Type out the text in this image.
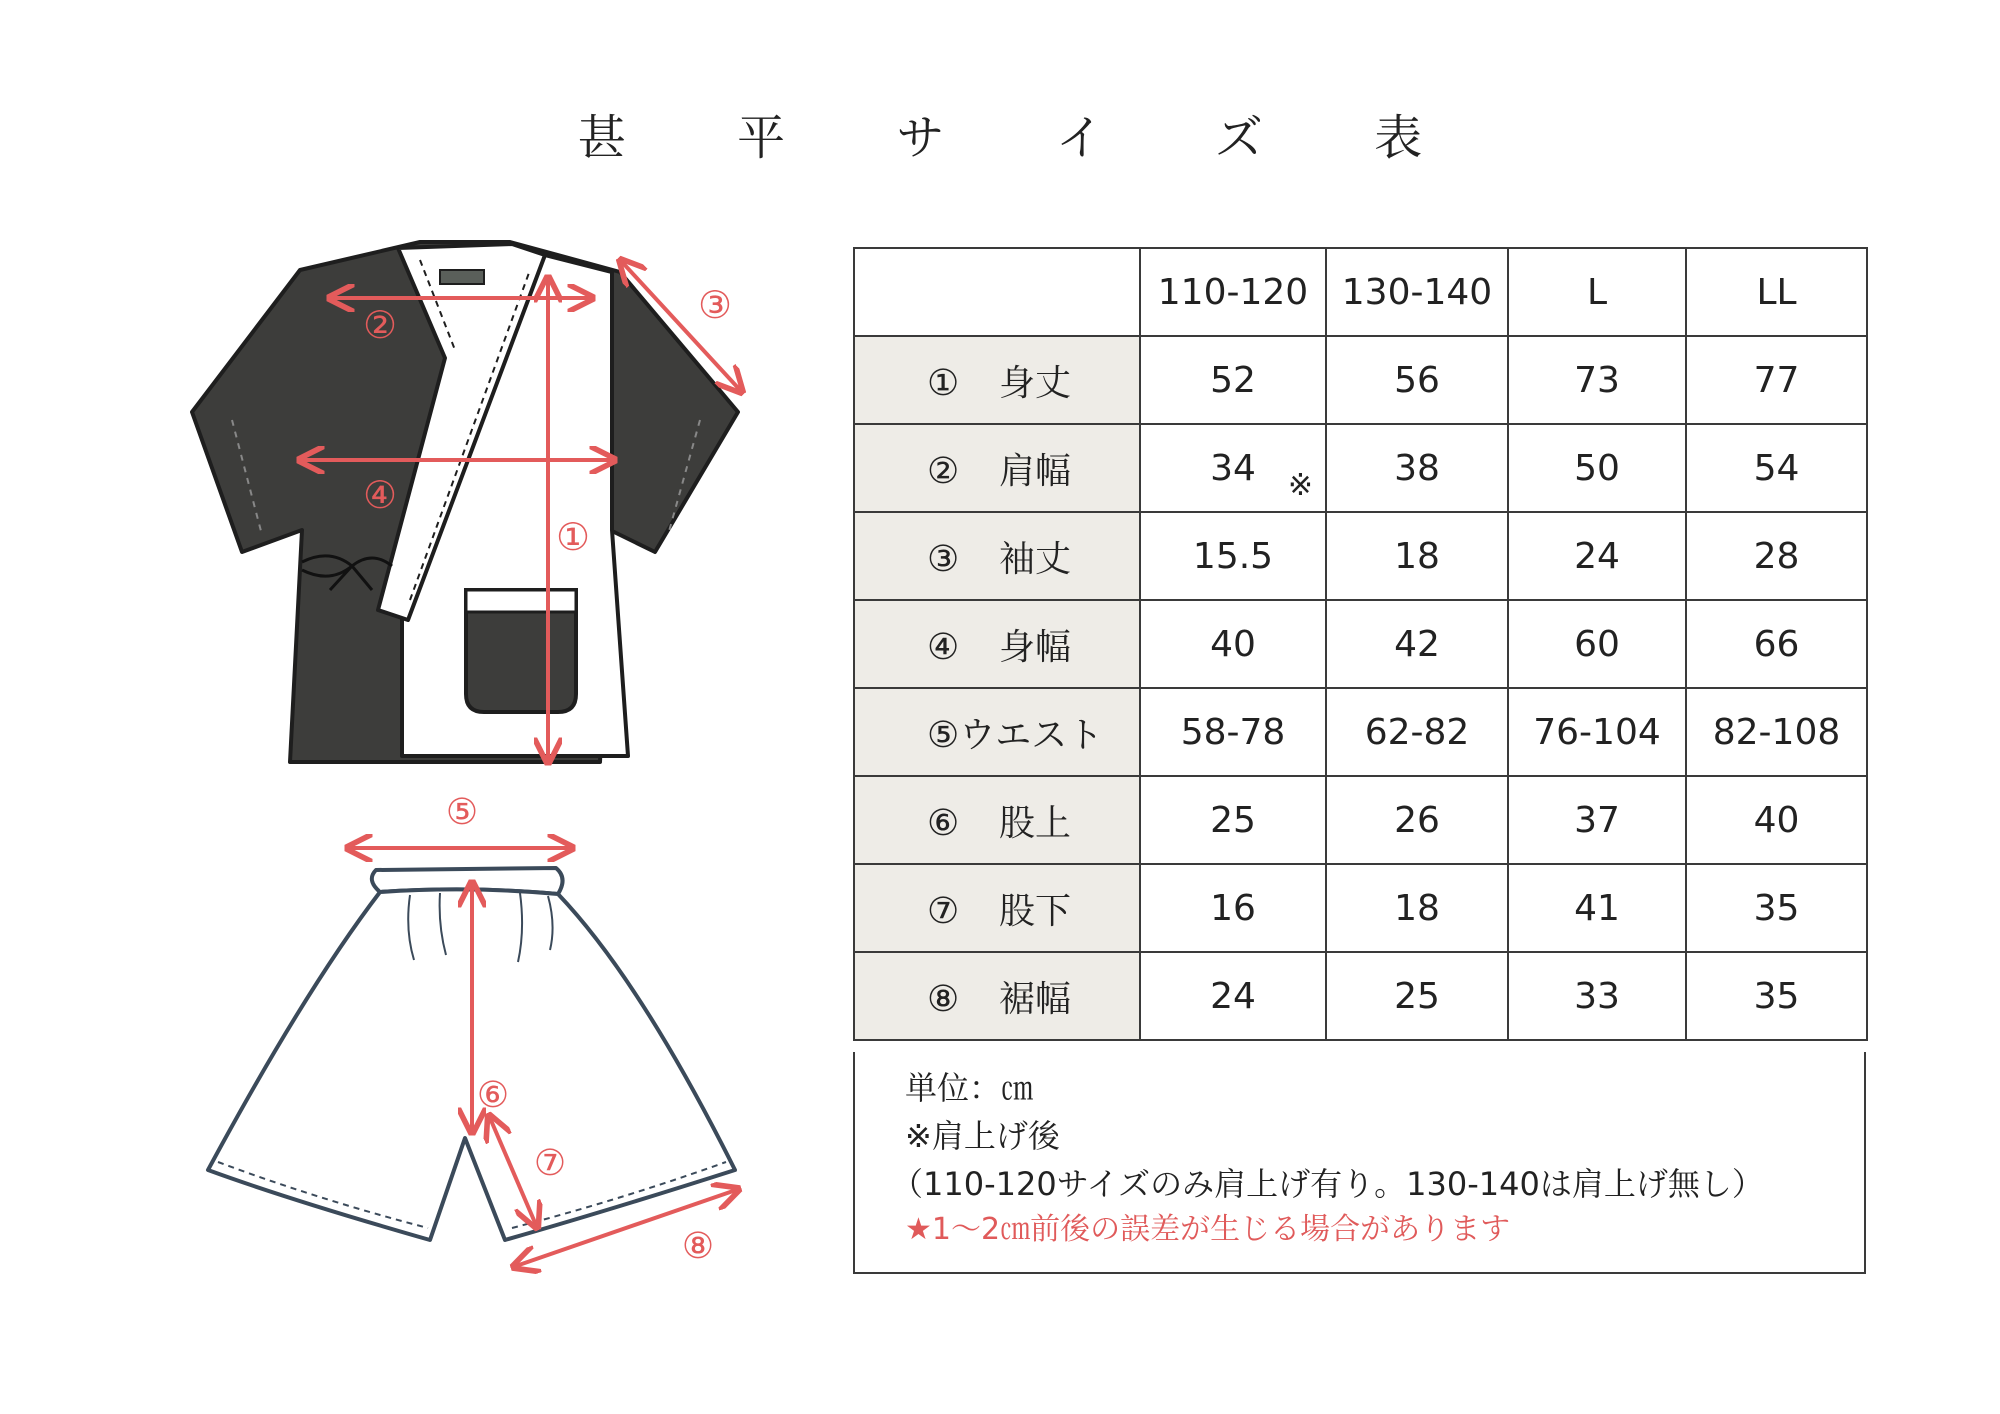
甚 平 サ イ ズ 表
①
②	③
④
⑤
⑥
⑦
⑧
	110-120	130-140	L	LL
① 身丈	52	56	73	77
② 肩幅	34 ※	38	50	54
③ 袖丈	15.5	18	24	28
④ 身幅	40	42	60	66
⑤ウエスト	58-78	62-82	76-104	82-108
⑥ 股上	25	26	37	40
⑦ 股下	16	18	41	35
⑧ 裾幅	24	25	33	35
単位：㎝
※肩上げ後
（110-120サイズのみ肩上げ有り。130-140は肩上げ無し）
★1～2㎝前後の誤差が生じる場合があります
